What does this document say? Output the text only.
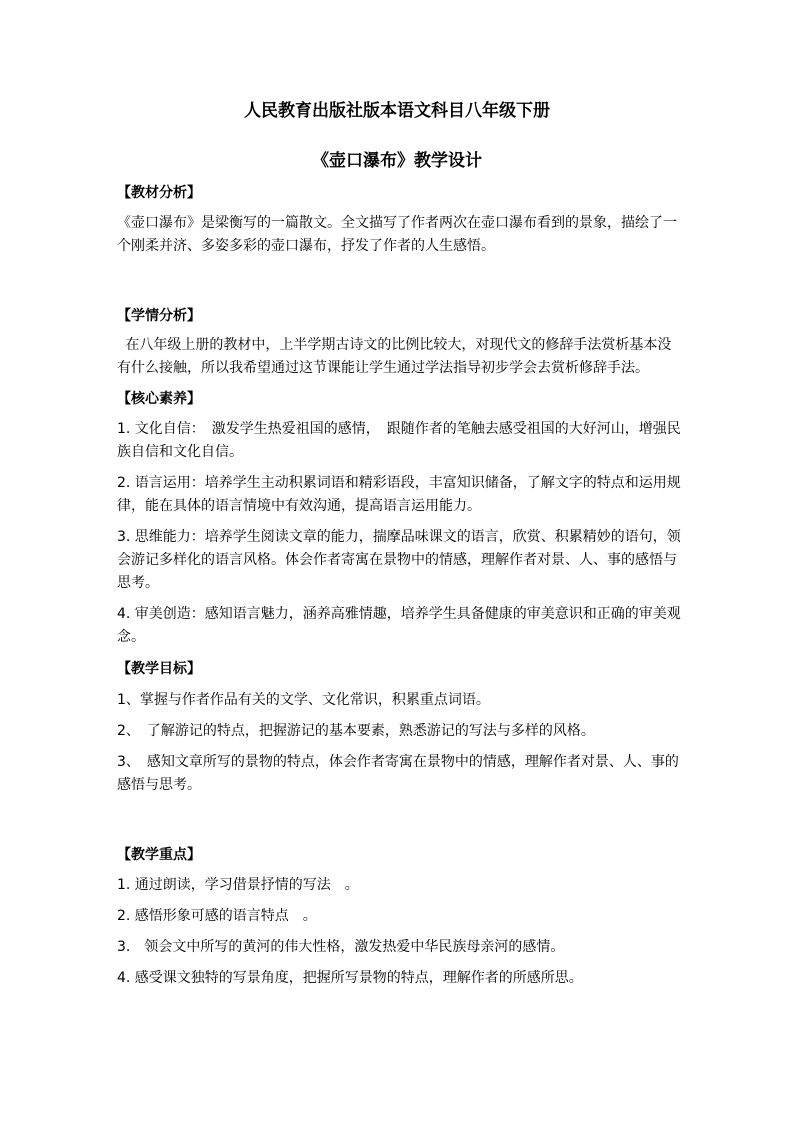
人民教育出版社版本语文科目八年级下册
《壶口瀑布》教学设计
【教材分析】
《壶口瀑布》是梁衡写的一篇散文。全文描写了作者两次在壶口瀑布看到的景象，描绘了一个刚柔并济、多姿多彩的壶口瀑布，抒发了作者的人生感悟。
【学情分析】
在八年级上册的教材中，上半学期古诗文的比例比较大，对现代文的修辞手法赏析基本没有什么接触，所以我希望通过这节课能让学生通过学法指导初步学会去赏析修辞手法。
【核心素养】
1. 文化自信：　激发学生热爱祖国的感情，　跟随作者的笔触去感受祖国的大好河山，增强民族自信和文化自信。
2. 语言运用：培养学生主动积累词语和精彩语段，丰富知识储备，了解文字的特点和运用规律，能在具体的语言情境中有效沟通，提高语言运用能力。
3. 思维能力：培养学生阅读文章的能力，揣摩品味课文的语言，欣赏、积累精妙的语句，领会游记多样化的语言风格。体会作者寄寓在景物中的情感，理解作者对景、人、事的感悟与思考。
4. 审美创造：感知语言魅力，涵养高雅情趣，培养学生具备健康的审美意识和正确的审美观念。
【教学目标】
1、掌握与作者作品有关的文学、文化常识，积累重点词语。
2、　了解游记的特点，把握游记的基本要素，熟悉游记的写法与多样的风格。
3、　感知文章所写的景物的特点，体会作者寄寓在景物中的情感，理解作者对景、人、事的感悟与思考。
【教学重点】
1. 通过朗读，学习借景抒情的写法　。
2. 感悟形象可感的语言特点　。
3.　领会文中所写的黄河的伟大性格，激发热爱中华民族母亲河的感情。
4. 感受课文独特的写景角度，把握所写景物的特点，理解作者的所感所思。
